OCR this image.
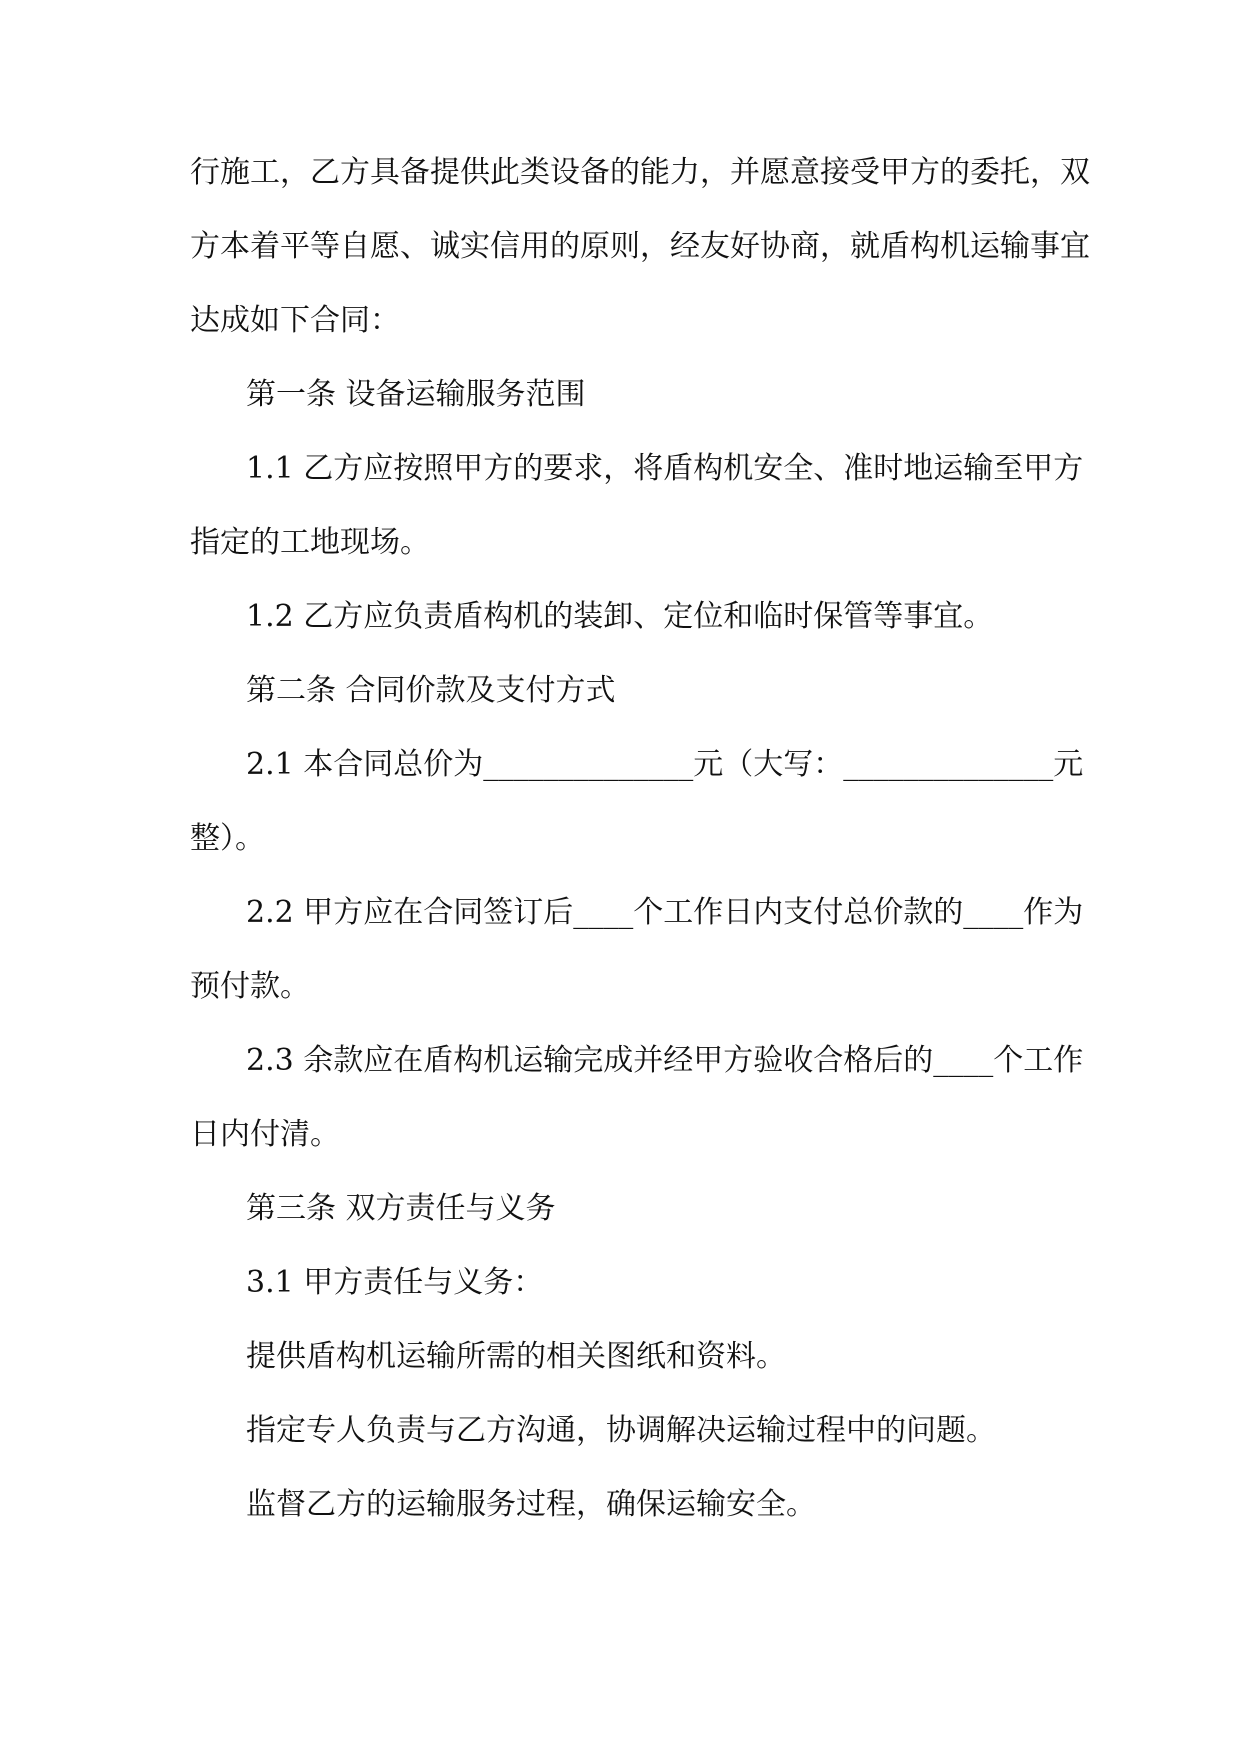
行施工，乙方具备提供此类设备的能力，并愿意接受甲方的委托，双
方本着平等自愿、诚实信用的原则，经友好协商，就盾构机运输事宜
达成如下合同：
第一条 设备运输服务范围
1.1 乙方应按照甲方的要求，将盾构机安全、准时地运输至甲方
指定的工地现场。
1.2 乙方应负责盾构机的装卸、定位和临时保管等事宜。
第二条 合同价款及支付方式
2.1 本合同总价为______________元（大写：______________元
整）。
2.2 甲方应在合同签订后____个工作日内支付总价款的____作为
预付款。
2.3 余款应在盾构机运输完成并经甲方验收合格后的____个工作
日内付清。
第三条 双方责任与义务
3.1 甲方责任与义务：
提供盾构机运输所需的相关图纸和资料。
指定专人负责与乙方沟通，协调解决运输过程中的问题。
监督乙方的运输服务过程，确保运输安全。
